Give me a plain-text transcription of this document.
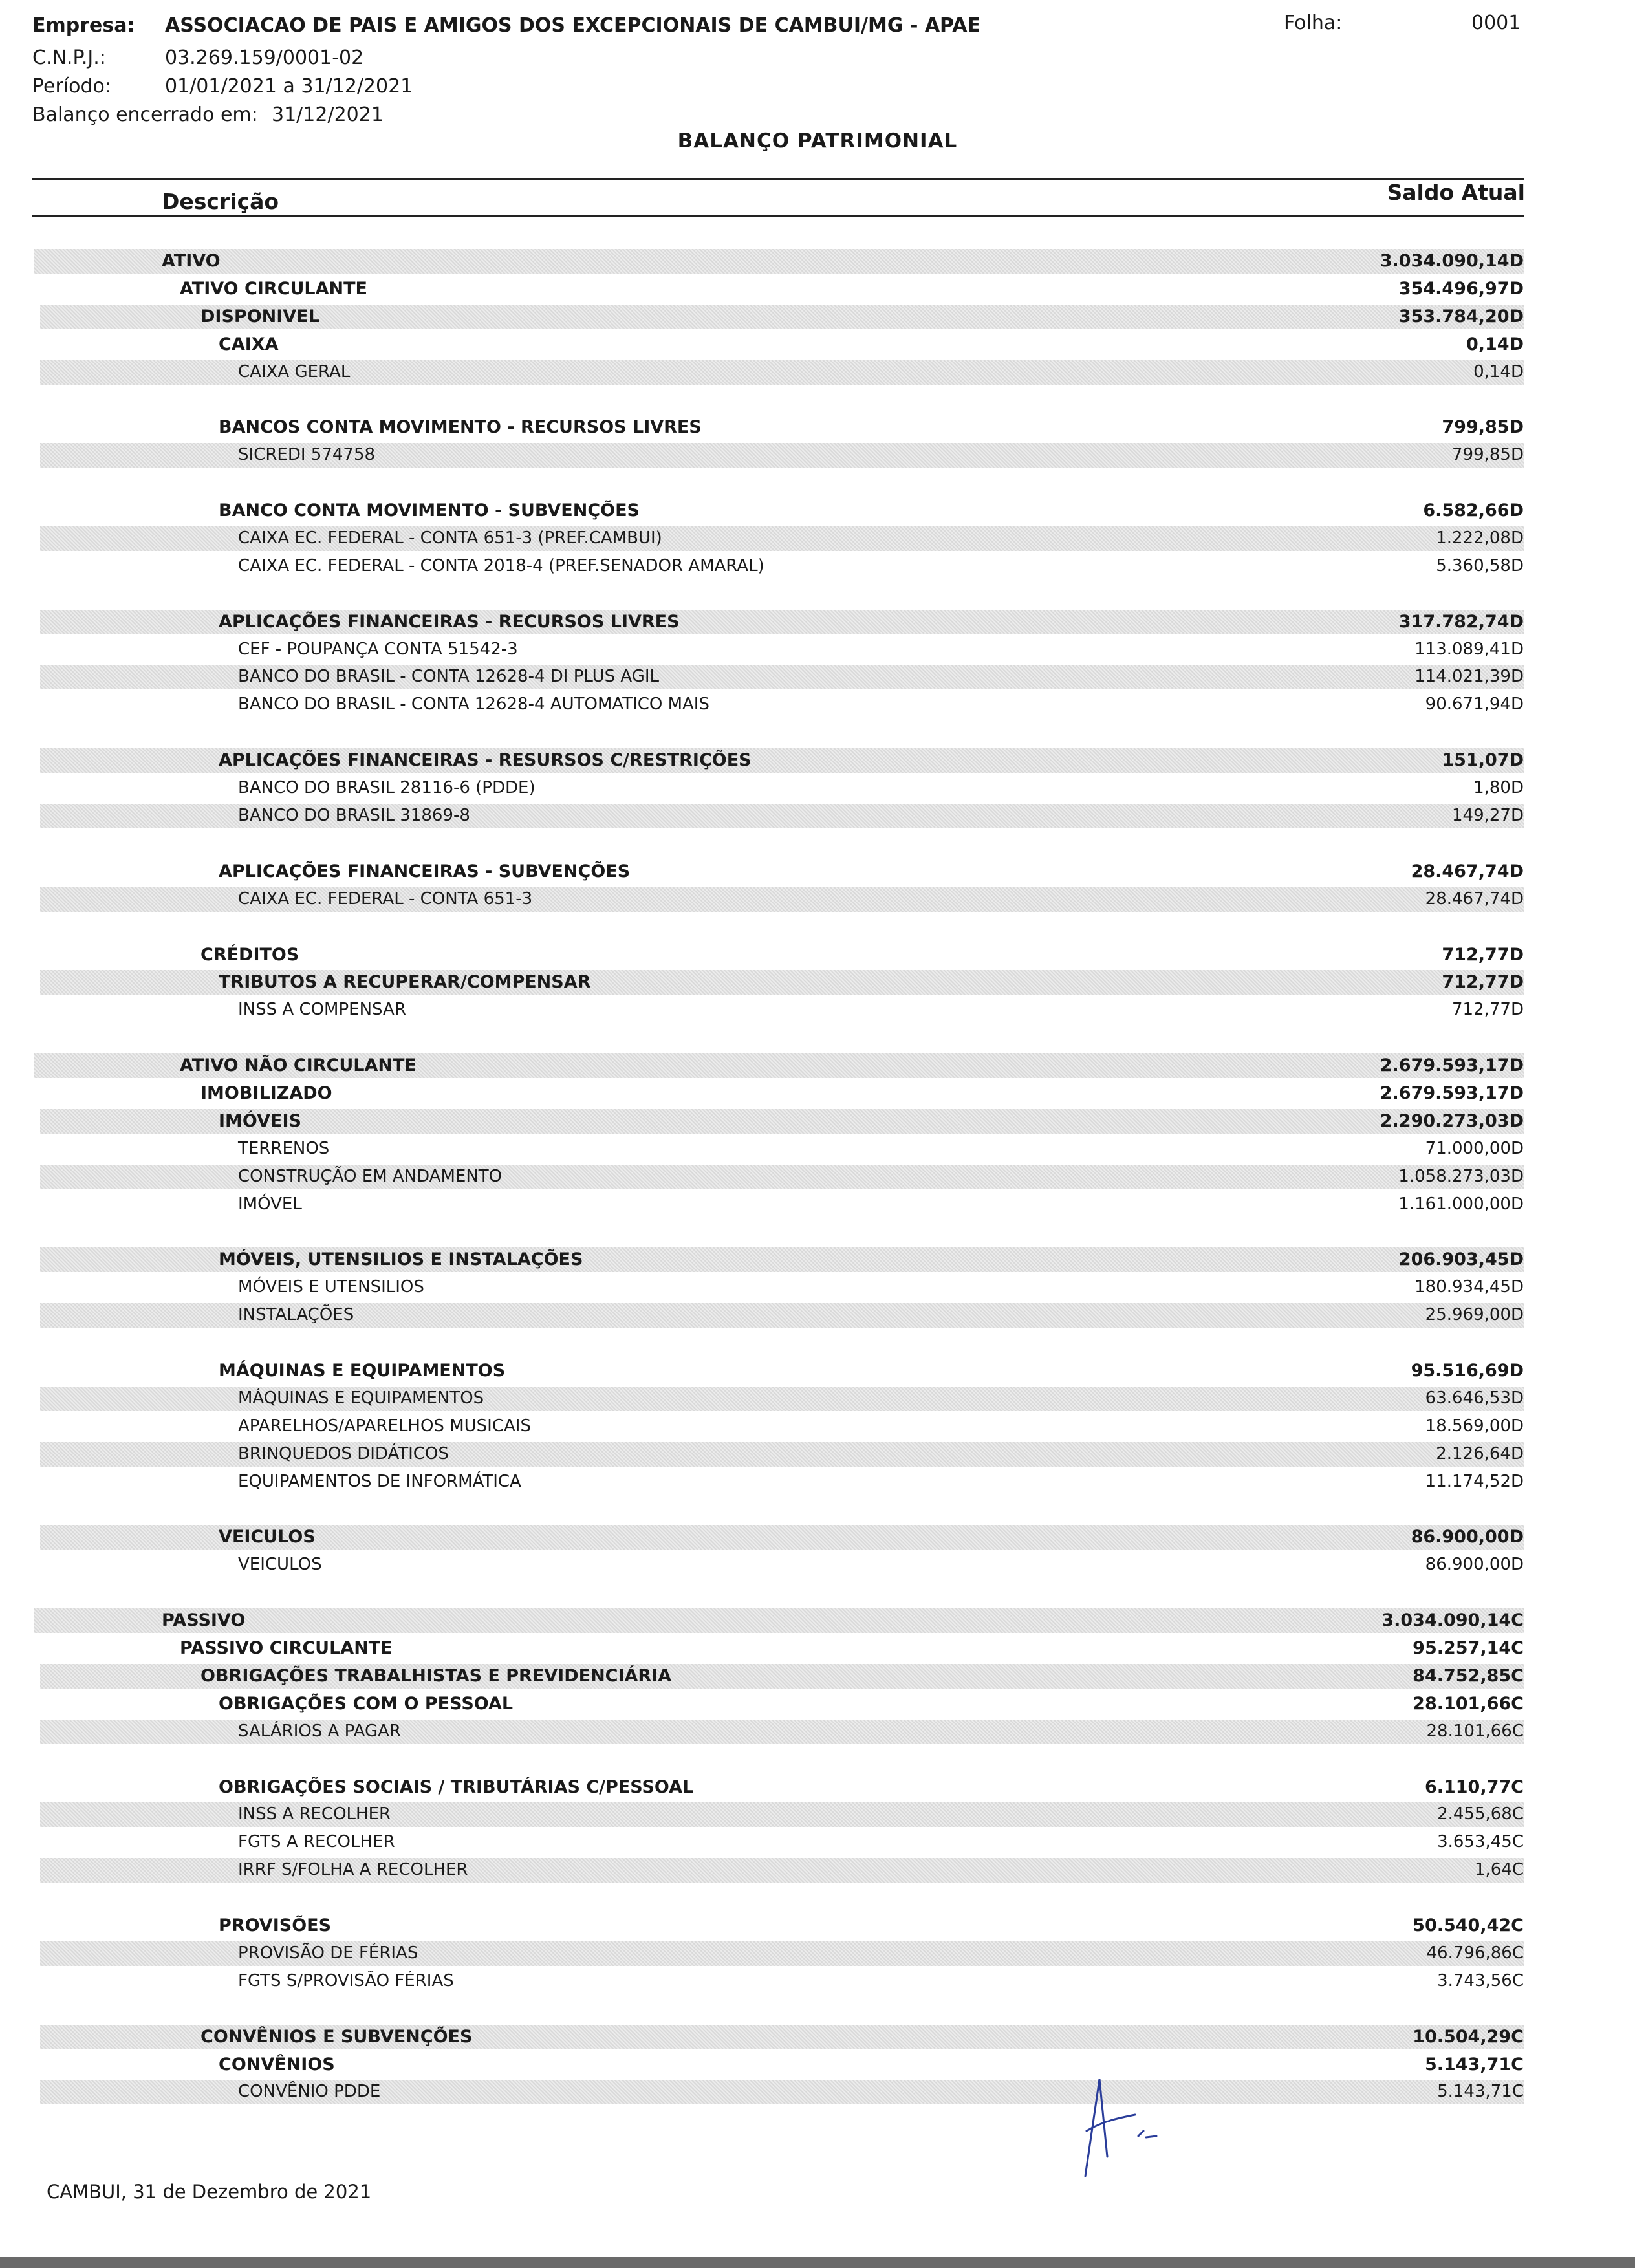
Empresa: ASSOCIACAO DE PAIS E AMIGOS DOS EXCEPCIONAIS DE CAMBUI/MG - APAE
C.N.P.J.:	03.269.159/0001-02
Período:	01/01/2021 a 31/12/2021
Balanço encerrado em: 31/12/2021
Folha:	0001
BALANÇO PATRIMONIAL
Descrição	Saldo Atual
ATIVO	3.034.090,14D
ATIVO CIRCULANTE	354.496,97D
DISPONIVEL	353.784,20D
CAIXA	0,14D
CAIXA GERAL	0,14D
BANCOS CONTA MOVIMENTO - RECURSOS LIVRES	799,85D
SICREDI 574758	799,85D
BANCO CONTA MOVIMENTO - SUBVENÇÕES	6.582,66D
CAIXA EC. FEDERAL - CONTA 651-3 (PREF.CAMBUI)	1.222,08D
CAIXA EC. FEDERAL - CONTA 2018-4 (PREF.SENADOR AMARAL)	5.360,58D
APLICAÇÕES FINANCEIRAS - RECURSOS LIVRES	317.782,74D
CEF - POUPANÇA CONTA 51542-3	113.089,41D
BANCO DO BRASIL - CONTA 12628-4 DI PLUS AGIL	114.021,39D
BANCO DO BRASIL - CONTA 12628-4 AUTOMATICO MAIS	90.671,94D
APLICAÇÕES FINANCEIRAS - RESURSOS C/RESTRIÇÕES	151,07D
BANCO DO BRASIL 28116-6 (PDDE)	1,80D
BANCO DO BRASIL 31869-8	149,27D
APLICAÇÕES FINANCEIRAS - SUBVENÇÕES	28.467,74D
CAIXA EC. FEDERAL - CONTA 651-3	28.467,74D
CRÉDITOS	712,77D
TRIBUTOS A RECUPERAR/COMPENSAR	712,77D
INSS A COMPENSAR	712,77D
ATIVO NÃO CIRCULANTE	2.679.593,17D
IMOBILIZADO	2.679.593,17D
IMÓVEIS	2.290.273,03D
TERRENOS	71.000,00D
CONSTRUÇÃO EM ANDAMENTO	1.058.273,03D
IMÓVEL	1.161.000,00D
MÓVEIS, UTENSILIOS E INSTALAÇÕES	206.903,45D
MÓVEIS E UTENSILIOS	180.934,45D
INSTALAÇÕES	25.969,00D
MÁQUINAS E EQUIPAMENTOS	95.516,69D
MÁQUINAS E EQUIPAMENTOS	63.646,53D
APARELHOS/APARELHOS MUSICAIS	18.569,00D
BRINQUEDOS DIDÁTICOS	2.126,64D
EQUIPAMENTOS DE INFORMÁTICA	11.174,52D
VEICULOS	86.900,00D
VEICULOS	86.900,00D
PASSIVO	3.034.090,14C
PASSIVO CIRCULANTE	95.257,14C
OBRIGAÇÕES TRABALHISTAS E PREVIDENCIÁRIA	84.752,85C
OBRIGAÇÕES COM O PESSOAL	28.101,66C
SALÁRIOS A PAGAR	28.101,66C
OBRIGAÇÕES SOCIAIS / TRIBUTÁRIAS C/PESSOAL	6.110,77C
INSS A RECOLHER	2.455,68C
FGTS A RECOLHER	3.653,45C
IRRF S/FOLHA A RECOLHER	1,64C
PROVISÕES	50.540,42C
PROVISÃO DE FÉRIAS	46.796,86C
FGTS S/PROVISÃO FÉRIAS	3.743,56C
CONVÊNIOS E SUBVENÇÕES	10.504,29C
CONVÊNIOS	5.143,71C
CONVÊNIO PDDE	5.143,71C
CAMBUI, 31 de Dezembro de 2021
